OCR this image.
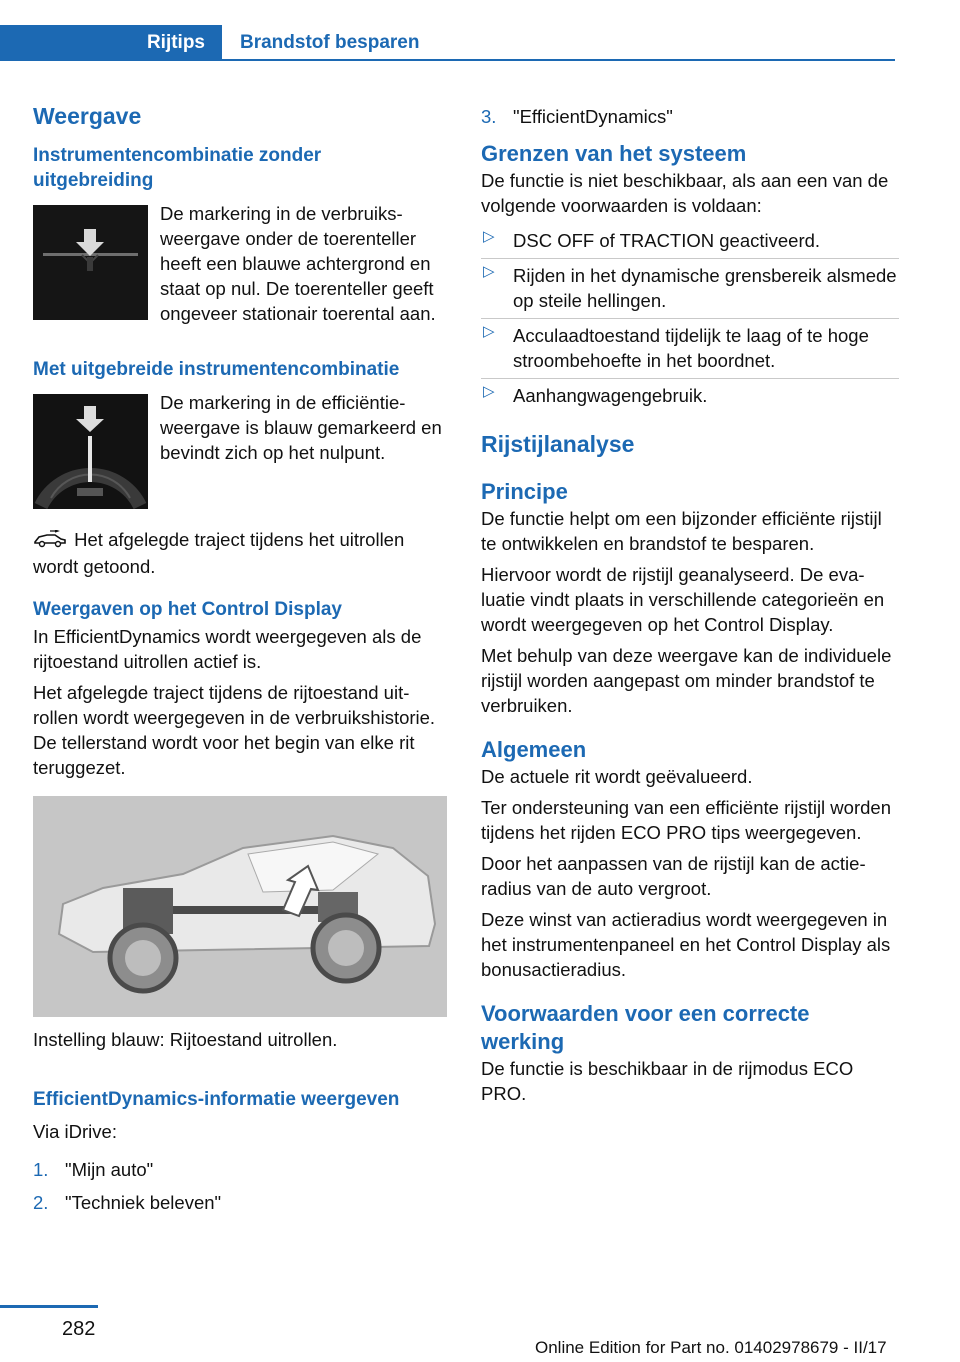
Rijtips	Brandstof besparen
Weergave
Instrumentencombinatie zonder uitgebreiding

De markering in de verbruiksweergave onder de toerenteller heeft een blauwe achtergrond en staat op nul. De toerenteller geeft ongeveer stationair toerental aan.

Met uitgebreide instrumentencombinatie

De markering in de efficiëntieweergave is blauw gemarkeerd en bevindt zich op het nulpunt.

Het afgelegde traject tijdens het uitrollen wordt getoond.

Weergaven op het Control Display

In EfficientDynamics wordt weergegeven als de rijtoestand uitrollen actief is.

Het afgelegde traject tijdens de rijtoestand uitrollen wordt weergegeven in de verbruikshistorie. De tellerstand wordt voor het begin van elke rit teruggezet.

Instelling blauw: Rijtoestand uitrollen.

EfficientDynamics-informatie weergeven

Via iDrive:

1. "Mijn auto"
2. "Techniek beleven"
3. "EfficientDynamics"
Grenzen van het systeem

De functie is niet beschikbaar, als aan een van de volgende voorwaarden is voldaan:

▷ DSC OFF of TRACTION geactiveerd.
▷ Rijden in het dynamische grensbereik alsmede op steile hellingen.
▷ Acculaadtoestand tijdelijk te laag of te hoge stroombehoefte in het boordnet.
▷ Aanhangwagengebruik.
Rijstijlanalyse
Principe

De functie helpt om een bijzonder efficiënte rijstijl te ontwikkelen en brandstof te besparen.

Hiervoor wordt de rijstijl geanalyseerd. De evaluatie vindt plaats in verschillende categorieën en wordt weergegeven op het Control Display.

Met behulp van deze weergave kan de individuele rijstijl worden aangepast om minder brandstof te verbruiken.

Algemeen

De actuele rit wordt geëvalueerd.

Ter ondersteuning van een efficiënte rijstijl worden tijdens het rijden ECO PRO tips weergegeven.

Door het aanpassen van de rijstijl kan de actieradius van de auto vergroot.

Deze winst van actieradius wordt weergegeven in het instrumentenpaneel en het Control Display als bonusactieradius.

Voorwaarden voor een correcte werking

De functie is beschikbaar in de rijmodus ECO PRO.

282
Online Edition for Part no. 01402978679 - II/17
